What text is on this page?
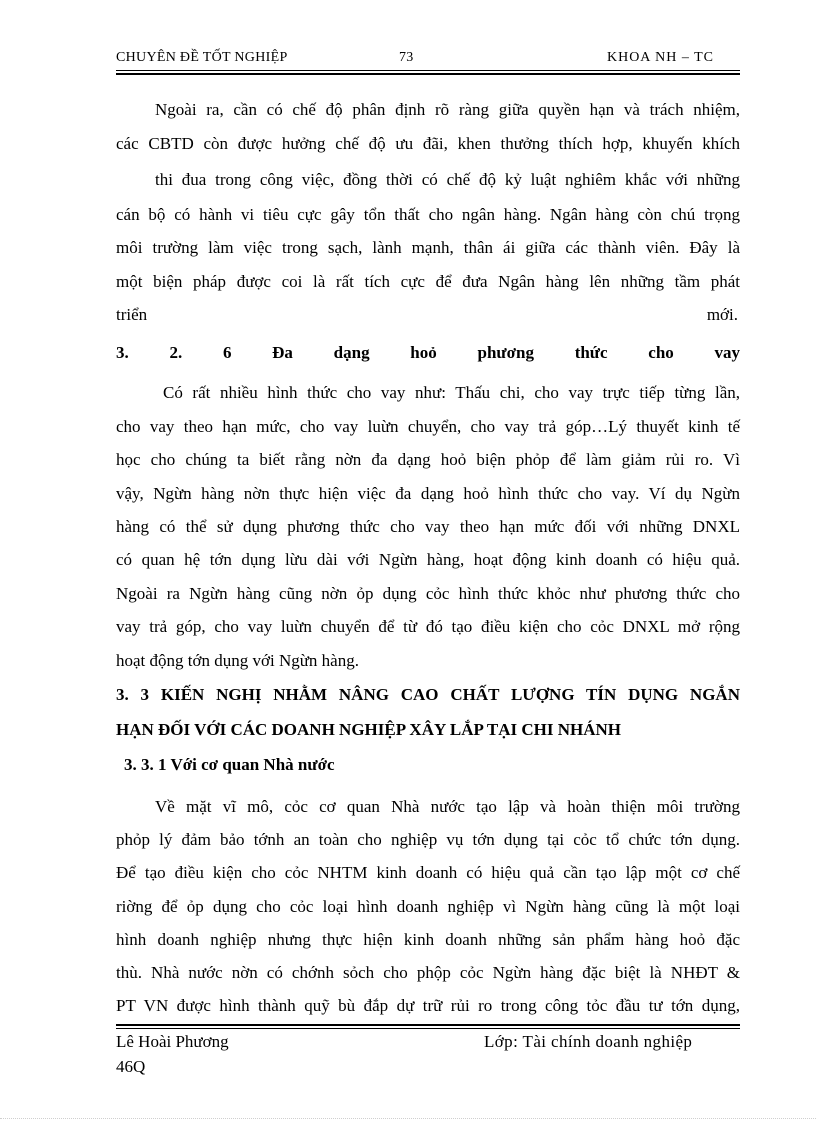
CHUYÊN ĐỀ TỐT NGHIỆP	73	KHOA NH – TC
Ngoài ra, cần có chế độ phân định rõ ràng giữa quyền hạn và trách nhiệm,
các CBTD còn được hưởng chế độ ưu đãi, khen thưởng thích hợp, khuyến khích
thi đua trong công việc, đồng thời có chế độ kỷ luật nghiêm khắc với những
cán bộ có hành vi tiêu cực gây tổn thất cho ngân hàng. Ngân hàng còn chú trọng
môi trường làm việc trong sạch, lành mạnh, thân ái giữa các thành viên. Đây là
một biện pháp được coi là rất tích cực để đưa Ngân hàng lên những tầm phát
triển	mới.
3. 2. 6 Đa dạng hoỏ phương thức cho vay
Có rất nhiều hình thức cho vay như: Thấu chi, cho vay trực tiếp từng lần,
cho vay theo hạn mức, cho vay luừn chuyển, cho vay trả góp…Lý thuyết kinh tế
học cho chúng ta biết rằng nờn đa dạng hoỏ biện phỏp để làm giảm rủi ro. Vì
vậy, Ngừn hàng nờn thực hiện việc đa dạng hoỏ hình thức cho vay. Ví dụ Ngừn
hàng có thể sử dụng phương thức cho vay theo hạn mức đối với những DNXL
có quan hệ tớn dụng lừu dài với Ngừn hàng, hoạt động kinh doanh có hiệu quả.
Ngoài ra Ngừn hàng cũng nờn ỏp dụng cỏc hình thức khỏc như phương thức cho
vay trả góp, cho vay luừn chuyển để từ đó tạo điều kiện cho cỏc DNXL mở rộng
hoạt động tớn dụng với Ngừn hàng.
3. 3 KIẾN NGHỊ NHẰM NÂNG CAO CHẤT LƯỢNG TÍN DỤNG NGẮN
HẠN ĐỐI VỚI CÁC DOANH NGHIỆP XÂY LẮP TẠI CHI NHÁNH
3. 3. 1 Với cơ quan Nhà nước
Về mặt vĩ mô, cỏc cơ quan Nhà nước tạo lập và hoàn thiện môi trường
phỏp lý đảm bảo tớnh an toàn cho nghiệp vụ tớn dụng tại cỏc tổ chức tớn dụng.
Để tạo điều kiện cho cỏc NHTM kinh doanh có hiệu quả cần tạo lập một cơ chế
riờng để ỏp dụng cho cỏc loại hình doanh nghiệp vì Ngừn hàng cũng là một loại
hình doanh nghiệp nhưng thực hiện kinh doanh những sản phẩm hàng hoỏ đặc
thù. Nhà nước nờn có chớnh sỏch cho phộp cỏc Ngừn hàng đặc biệt là NHĐT &
PT VN được hình thành quỹ bù đắp dự trữ rủi ro trong công tỏc đầu tư tớn dụng,
Lê Hoài Phương	Lớp: Tài chính doanh nghiệp
46Q
